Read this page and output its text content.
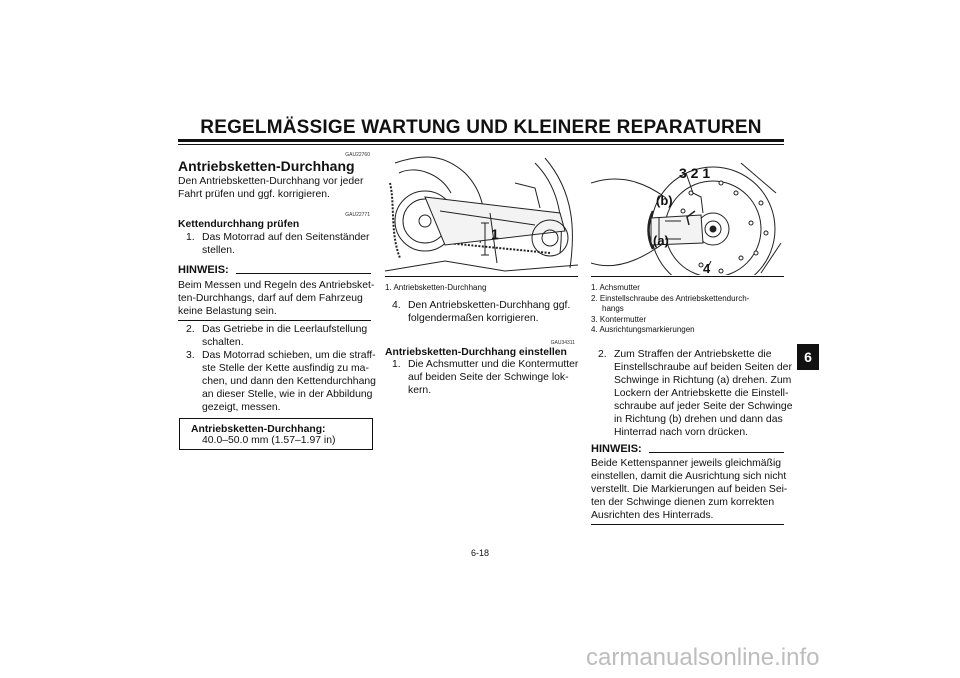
REGELMÄSSIGE WARTUNG UND KLEINERE REPARATUREN
GAU22760
Antriebsketten-Durchhang
Den Antriebsketten-Durchhang vor jeder
Fahrt prüfen und ggf. korrigieren.
GAU22771
Kettendurchhang prüfen
1. Das Motorrad auf den Seitenständer
stellen.
HINWEIS:
Beim Messen und Regeln des Antriebsket-
ten-Durchhangs, darf auf dem Fahrzeug
keine Belastung sein.
2. Das Getriebe in die Leerlaufstellung
schalten.
3. Das Motorrad schieben, um die straff-
ste Stelle der Kette ausfindig zu ma-
chen, und dann den Kettendurchhang
an dieser Stelle, wie in der Abbildung
gezeigt, messen.
Antriebsketten-Durchhang:
40.0–50.0 mm (1.57–1.97 in)
1
1. Antriebsketten-Durchhang
4. Den Antriebsketten-Durchhang ggf.
folgendermaßen korrigieren.
GAU34311
Antriebsketten-Durchhang einstellen
1. Die Achsmutter und die Kontermutter
auf beiden Seite der Schwinge lok-
kern.
3 2 1
(b)
(a)
4
1. Achsmutter
2. Einstellschraube des Antriebskettendurch-
hangs
3. Kontermutter
4. Ausrichtungsmarkierungen
2. Zum Straffen der Antriebskette die
Einstellschraube auf beiden Seiten der
Schwinge in Richtung (a) drehen. Zum
Lockern der Antriebskette die Einstell-
schraube auf jeder Seite der Schwinge
in Richtung (b) drehen und dann das
Hinterrad nach vorn drücken.
HINWEIS:
Beide Kettenspanner jeweils gleichmäßig
einstellen, damit die Ausrichtung sich nicht
verstellt. Die Markierungen auf beiden Sei-
ten der Schwinge dienen zum korrekten
Ausrichten des Hinterrads.
6
6-18
carmanualsonline.info
